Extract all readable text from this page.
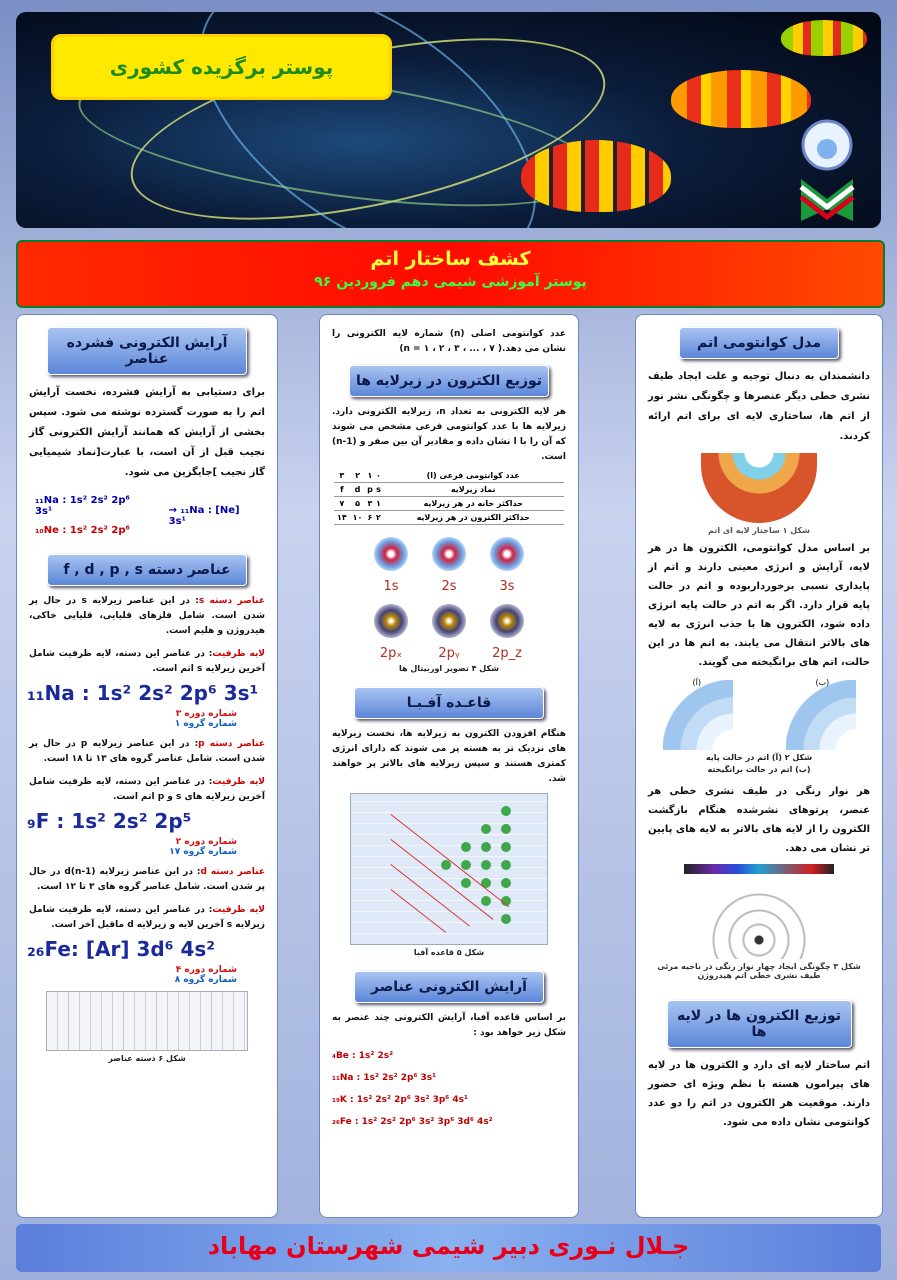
پوستر برگزیده کشوری
کشف ساختار اتم
پوستر آموزشی شیمی دهم فروردین ۹۶
آرایش الکترونی فشرده عناصر
برای دستیابی به آرایش فشرده، نخست آرایش اتم را به صورت گسترده نوشته می شود. سپس بخشی از آرایش که همانند آرایش الکترونی گاز نجیب قبل از آن است، با عبارت[نماد شیمیایی گاز نجیب ]جایگزین می شود.
₁₁Na : 1s² 2s² 2p⁶ 3s¹
₁₀Ne : 1s² 2s² 2p⁶
→ ₁₁Na : [Ne] 3s¹
عناصر دسته f , d , p , s
عناصر دسته s: در این عناصر زیرلایه s در حال پر شدن است. شامل فلزهای قلیایی، قلیایی خاکی، هیدروژن و هلیم است.
لایه ظرفیت: در عناصر این دسته، لایه ظرفیت شامل آخرین زیرلایه s اتم است.
₁₁Na : 1s² 2s² 2p⁶ 3s¹
شماره دوره ۳
شماره گروه ۱
عناصر دسته p: در این عناصر زیرلایه p در حال پر شدن است. شامل عناصر گروه های ۱۳ تا ۱۸ است.
لایه ظرفیت: در عناصر این دسته، لایه ظرفیت شامل آخرین زیرلایه های s و p اتم است.
₉F : 1s² 2s² 2p⁵
شماره دوره ۲
شماره گروه ۱۷
عناصر دسته d: در این عناصر زیرلایه (n-1)d در حال پر شدن است. شامل عناصر گروه های ۳ تا ۱۲ است.
لایه ظرفیت: در عناصر این دسته، لایه ظرفیت شامل زیرلایه s آخرین لایه و زیرلایه d ماقبل آخر است.
₂₆Fe: [Ar] 3d⁶ 4s²
شماره دوره ۴
شماره گروه ۸
شکل ۶ دسته عناصر
عدد کوانتومی اصلی (n) شماره لایه الکترونی را نشان می دهد.( ۷ ، ... ، ۳ ، ۲ ، ۱ = n)
توزیع الکترون در زیرلایه ها
هر لایه الکترونی به تعداد n، زیرلایه الکترونی دارد. زیرلایه ها با عدد کوانتومی فرعی مشخص می شوند که آن را با l نشان داده و مقادیر آن بین صفر و (n-1) است.
عدد کوانتومی فرعی (l)	۰	۱	۲	۳
نماد زیرلایه	s	p	d	f
حداکثر خانه در هر زیرلایه	۱	۳	۵	۷
حداکثر الکترون در هر زیرلایه	۲	۶	۱۰	۱۴
1s	2s	3s
2pₓ	2pᵧ 2p_z
شکل ۴ تصویر اوربیتال ها
قاعـده آفـبـا
هنگام افزودن الکترون به زیرلایه ها، نخست زیرلایه های نزدیک تر به هسته پر می شوند که دارای انرژی کمتری هستند و سپس زیرلایه های بالاتر پر خواهند شد.
شکل ۵ قاعده آفبا
آرایش الکترونی عناصر
بر اساس قاعده آفبا، آرایش الکترونی چند عنصر به شکل زیر خواهد بود :
₄Be : 1s² 2s²
₁₁Na : 1s² 2s² 2p⁶ 3s¹
₁₉K : 1s² 2s² 2p⁶ 3s² 3p⁶ 4s¹
₂₆Fe : 1s² 2s² 2p⁶ 3s² 3p⁶ 3d⁶ 4s²
مدل کوانتومی اتم
دانشمندان به دنبال توجیه و علت ایجاد طیف نشری خطی دیگر عنصرها و چگونگی نشر نور از اتم ها، ساختاری لایه ای برای اتم ارائه کردند.
شکل ۱ ساختار لایه ای اتم
بر اساس مدل کوانتومی، الکترون ها در هر لایه، آرایش و انرژی معینی دارند و اتم از پایداری نسبی برخورداربوده و اتم در حالت پایه قرار دارد. اگر به اتم در حالت پایه انرژی داده شود، الکترون ها با جذب انرژی به لایه های بالاتر انتقال می یابند. به اتم ها در این حالت، اتم های برانگیخته می گویند.
(آ)	(ب)
شکل ۲ (آ) اتم در حالت پایه
(ب) اتم در حالت برانگیخته
هر نوار رنگی در طیف نشری خطی هر عنصر، پرتوهای نشرشده هنگام بازگشت الکترون را از لایه های بالاتر به لایه های پایین تر نشان می دهد.
شکل ۳ چگونگی ایجاد چهار نوار رنگی در ناحیه مرئی طیف نشری خطی اتم هیدروژن
توزیع الکترون ها در لایه ها
اتم ساختار لایه ای دارد و الکترون ها در لایه های پیرامون هسته با نظم ویژه ای حضور دارند. موقعیت هر الکترون در اتم را دو عدد کوانتومی نشان داده می شود.
جـلال نـوری دبیر شیمی شهرستان مهاباد
